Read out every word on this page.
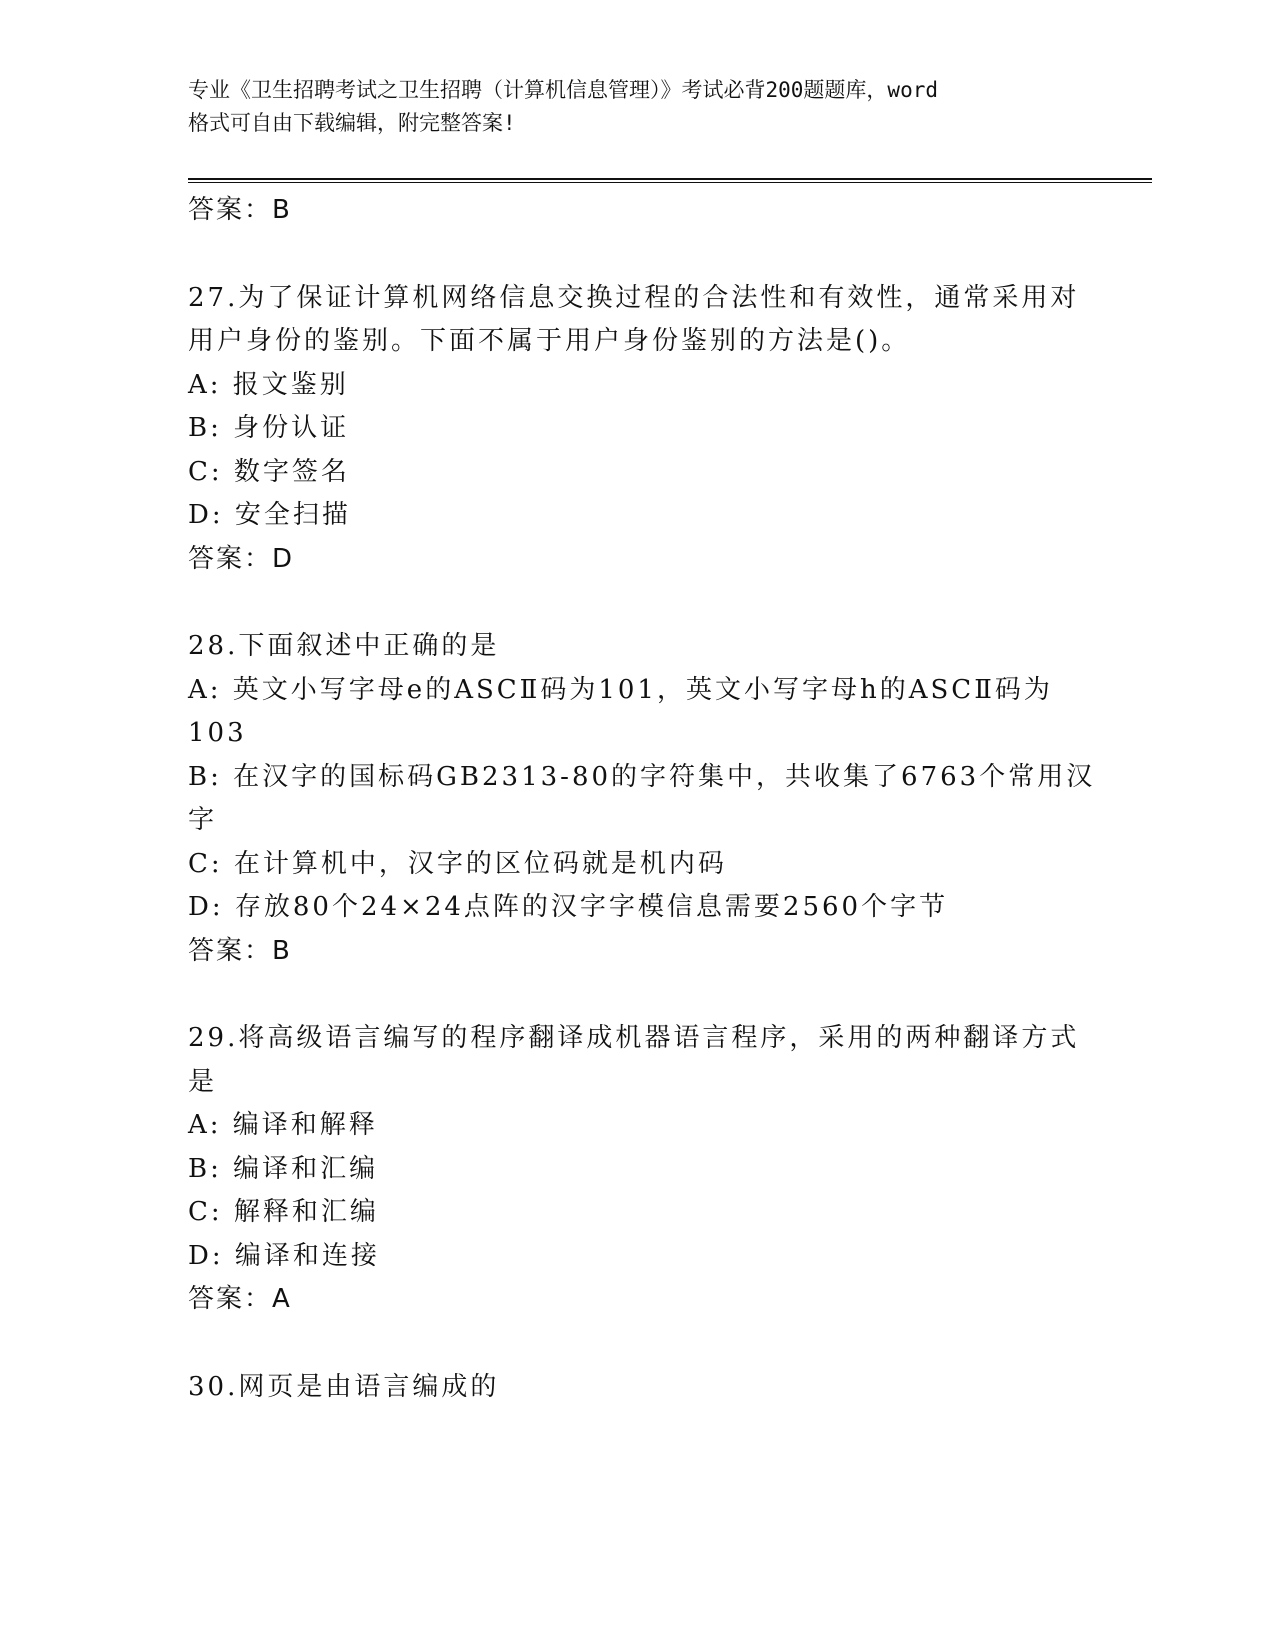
专业《卫生招聘考试之卫生招聘（计算机信息管理）》考试必背200题题库，word
格式可自由下载编辑，附完整答案!
答案：B
27.为了保证计算机网络信息交换过程的合法性和有效性，通常采用对
用户身份的鉴别。下面不属于用户身份鉴别的方法是()。
A: 报文鉴别
B: 身份认证
C: 数字签名
D: 安全扫描
答案：D
28.下面叙述中正确的是
A: 英文小写字母e的ASCⅡ码为101，英文小写字母h的ASCⅡ码为
103
B: 在汉字的国标码GB2313-80的字符集中，共收集了6763个常用汉
字
C: 在计算机中，汉字的区位码就是机内码
D: 存放80个24×24点阵的汉字字模信息需要2560个字节
答案：B
29.将高级语言编写的程序翻译成机器语言程序，采用的两种翻译方式
是
A: 编译和解释
B: 编译和汇编
C: 解释和汇编
D: 编译和连接
答案：A
30.网页是由语言编成的
